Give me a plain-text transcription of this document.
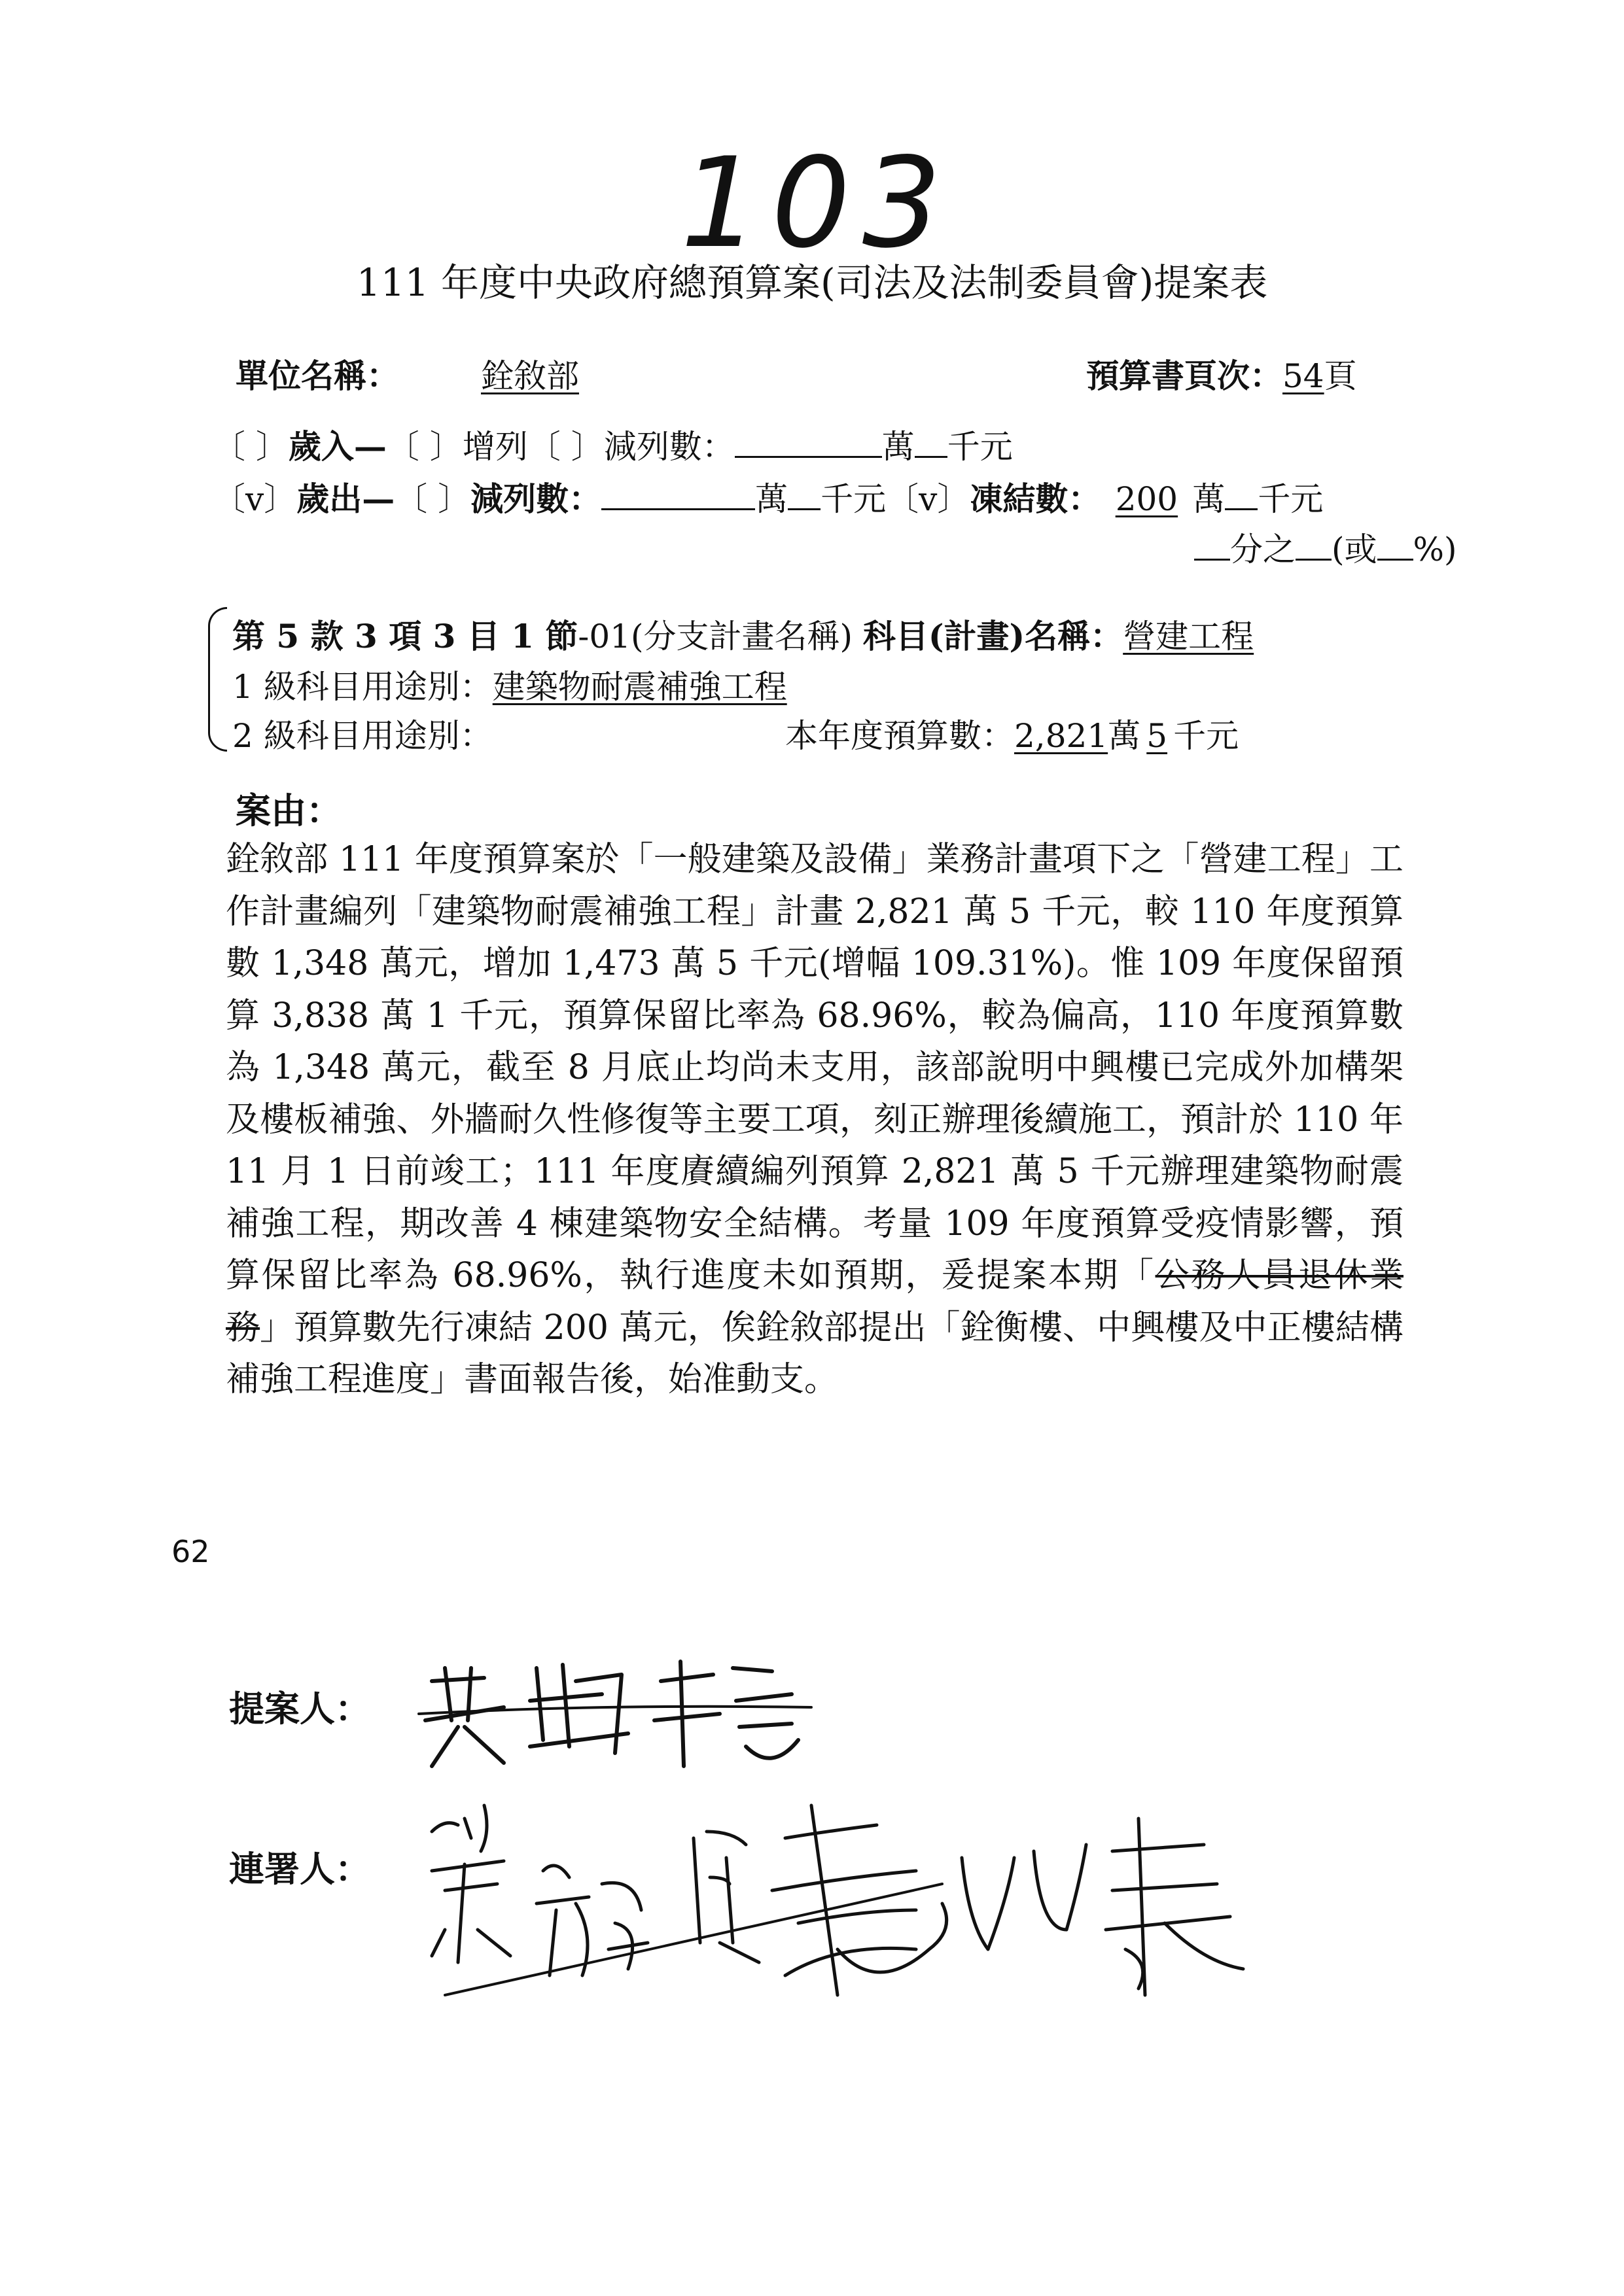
103
111 年度中央政府總預算案(司法及法制委員會)提案表
單位名稱：	銓敘部	預算書頁次：54頁
〔 〕歲入—〔 〕增列〔 〕減列數：	萬 千元
〔v〕歲出—〔 〕減列數：	萬 千元〔v〕凍結數： 200 萬 千元
分之 (或 %)
第 5 款 3 項 3 目 1 節-01(分支計畫名稱) 科目(計畫)名稱：營建工程
1 級科目用途別：建築物耐震補強工程
2 級科目用途別：	本年度預算數：2,821萬 5 千元
案由：
銓敘部 111 年度預算案於「一般建築及設備」業務計畫項下之「營建工程」工作計畫編列「建築物耐震補強工程」計畫 2,821 萬 5 千元，較 110 年度預算數 1,348 萬元，增加 1,473 萬 5 千元(增幅 109.31%)。惟 109 年度保留預算 3,838 萬 1 千元，預算保留比率為 68.96%，較為偏高，110 年度預算數為 1,348 萬元，截至 8 月底止均尚未支用，該部說明中興樓已完成外加構架及樓板補強、外牆耐久性修復等主要工項，刻正辦理後續施工，預計於 110 年 11 月 1 日前竣工；111 年度賡續編列預算 2,821 萬 5 千元辦理建築物耐震補強工程，期改善 4 棟建築物安全結構。考量 109 年度預算受疫情影響，預算保留比率為 68.96%，執行進度未如預期，爰提案本期「公務人員退休業務」預算數先行凍結 200 萬元，俟銓敘部提出「銓衡樓、中興樓及中正樓結構補強工程進度」書面報告後，始准動支。
62
提案人：
連署人：
